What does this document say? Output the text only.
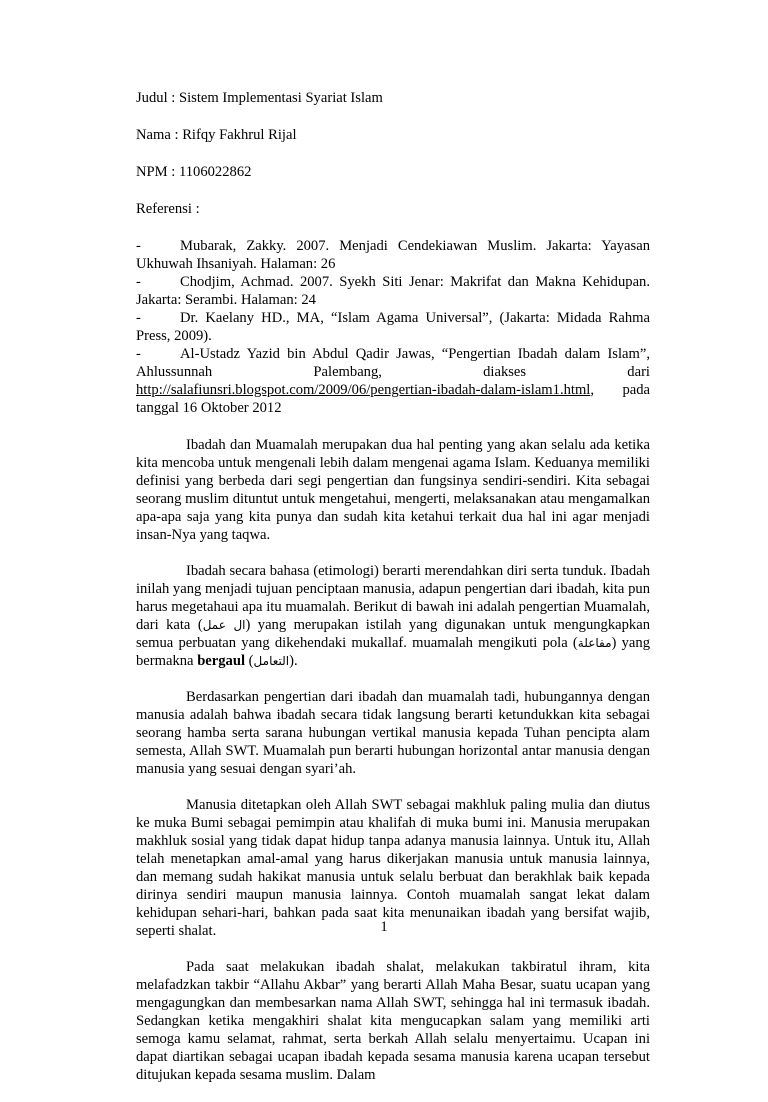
Judul : Sistem Implementasi Syariat Islam
Nama : Rifqy Fakhrul Rijal
NPM : 1106022862
Referensi :
-	Mubarak, Zakky. 2007. Menjadi Cendekiawan Muslim. Jakarta: Yayasan Ukhuwah Ihsaniyah. Halaman: 26
-	Chodjim, Achmad. 2007. Syekh Siti Jenar: Makrifat dan Makna Kehidupan. Jakarta: Serambi. Halaman: 24
-	Dr. Kaelany HD., MA, “Islam Agama Universal”, (Jakarta: Midada Rahma Press, 2009).
-	Al-Ustadz Yazid bin Abdul Qadir Jawas, “Pengertian Ibadah dalam Islam”, Ahlussunnah Palembang, diakses dari http://salafiunsri.blogspot.com/2009/06/pengertian-ibadah-dalam-islam1.html, pada tanggal 16 Oktober 2012

Ibadah dan Muamalah merupakan dua hal penting yang akan selalu ada ketika kita mencoba untuk mengenali lebih dalam mengenai agama Islam. Keduanya memiliki definisi yang berbeda dari segi pengertian dan fungsinya sendiri-sendiri. Kita sebagai seorang muslim dituntut untuk mengetahui, mengerti, melaksanakan atau mengamalkan apa-apa saja yang kita punya dan sudah kita ketahui terkait dua hal ini agar menjadi insan-Nya yang taqwa.

Ibadah secara bahasa (etimologi) berarti merendahkan diri serta tunduk. Ibadah inilah yang menjadi tujuan penciptaan manusia, adapun pengertian dari ibadah, kita pun harus megetahaui apa itu muamalah. Berikut di bawah ini adalah pengertian Muamalah, dari kata (ال عمل) yang merupakan istilah yang digunakan untuk mengungkapkan semua perbuatan yang dikehendaki mukallaf. muamalah mengikuti pola (مفاعلة) yang bermakna bergaul (التعامل).

Berdasarkan pengertian dari ibadah dan muamalah tadi, hubungannya dengan manusia adalah bahwa ibadah secara tidak langsung berarti ketundukkan kita sebagai seorang hamba serta sarana hubungan vertikal manusia kepada Tuhan pencipta alam semesta, Allah SWT. Muamalah pun berarti hubungan horizontal antar manusia dengan manusia yang sesuai dengan syari’ah.

Manusia ditetapkan oleh Allah SWT sebagai makhluk paling mulia dan diutus ke muka Bumi sebagai pemimpin atau khalifah di muka bumi ini. Manusia merupakan makhluk sosial yang tidak dapat hidup tanpa adanya manusia lainnya. Untuk itu, Allah telah menetapkan amal-amal yang harus dikerjakan manusia untuk manusia lainnya, dan memang sudah hakikat manusia untuk selalu berbuat dan berakhlak baik kepada dirinya sendiri maupun manusia lainnya. Contoh muamalah sangat lekat dalam kehidupan sehari-hari, bahkan pada saat kita menunaikan ibadah yang bersifat wajib, seperti shalat.

Pada saat melakukan ibadah shalat, melakukan takbiratul ihram, kita melafadzkan takbir “Allahu Akbar” yang berarti Allah Maha Besar, suatu ucapan yang mengagungkan dan membesarkan nama Allah SWT, sehingga hal ini termasuk ibadah. Sedangkan ketika mengakhiri shalat kita mengucapkan salam yang memiliki arti semoga kamu selamat, rahmat, serta berkah Allah selalu menyertaimu. Ucapan ini dapat diartikan sebagai ucapan ibadah kepada sesama manusia karena ucapan tersebut ditujukan kepada sesama muslim. Dalam

1
